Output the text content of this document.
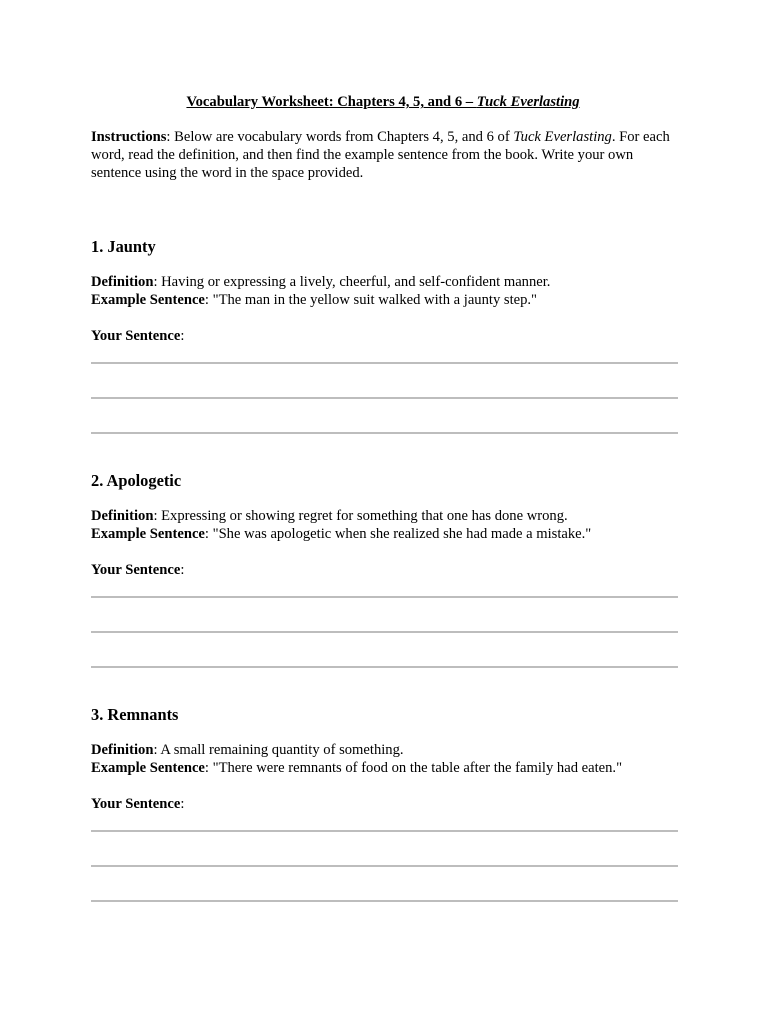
Vocabulary Worksheet: Chapters 4, 5, and 6 – Tuck Everlasting
Instructions: Below are vocabulary words from Chapters 4, 5, and 6 of Tuck Everlasting. For each word, read the definition, and then find the example sentence from the book. Write your own sentence using the word in the space provided.
1. Jaunty
Definition: Having or expressing a lively, cheerful, and self-confident manner.
Example Sentence: "The man in the yellow suit walked with a jaunty step."
Your Sentence:
2. Apologetic
Definition: Expressing or showing regret for something that one has done wrong.
Example Sentence: "She was apologetic when she realized she had made a mistake."
Your Sentence:
3. Remnants
Definition: A small remaining quantity of something.
Example Sentence: "There were remnants of food on the table after the family had eaten."
Your Sentence:
